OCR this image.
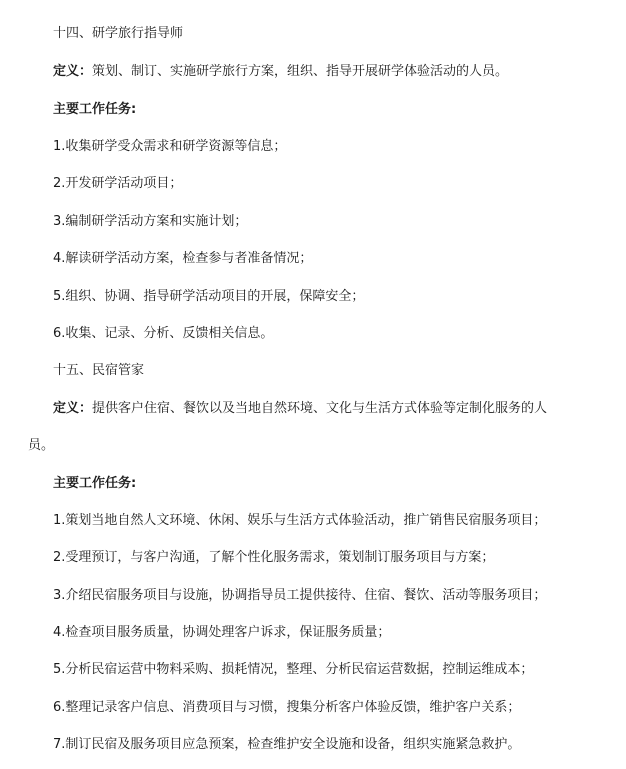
十四、研学旅行指导师
定义：策划、制订、实施研学旅行方案，组织、指导开展研学体验活动的人员。
主要工作任务:
1.收集研学受众需求和研学资源等信息；
2.开发研学活动项目；
3.编制研学活动方案和实施计划；
4.解读研学活动方案，检查参与者准备情况；
5.组织、协调、指导研学活动项目的开展，保障安全；
6.收集、记录、分析、反馈相关信息。
十五、民宿管家
定义：提供客户住宿、餐饮以及当地自然环境、文化与生活方式体验等定制化服务的人
员。
主要工作任务:
1.策划当地自然人文环境、休闲、娱乐与生活方式体验活动，推广销售民宿服务项目；
2.受理预订，与客户沟通，了解个性化服务需求，策划制订服务项目与方案；
3.介绍民宿服务项目与设施，协调指导员工提供接待、住宿、餐饮、活动等服务项目；
4.检查项目服务质量，协调处理客户诉求，保证服务质量；
5.分析民宿运营中物料采购、损耗情况，整理、分析民宿运营数据，控制运维成本；
6.整理记录客户信息、消费项目与习惯，搜集分析客户体验反馈，维护客户关系；
7.制订民宿及服务项目应急预案，检查维护安全设施和设备，组织实施紧急救护。
